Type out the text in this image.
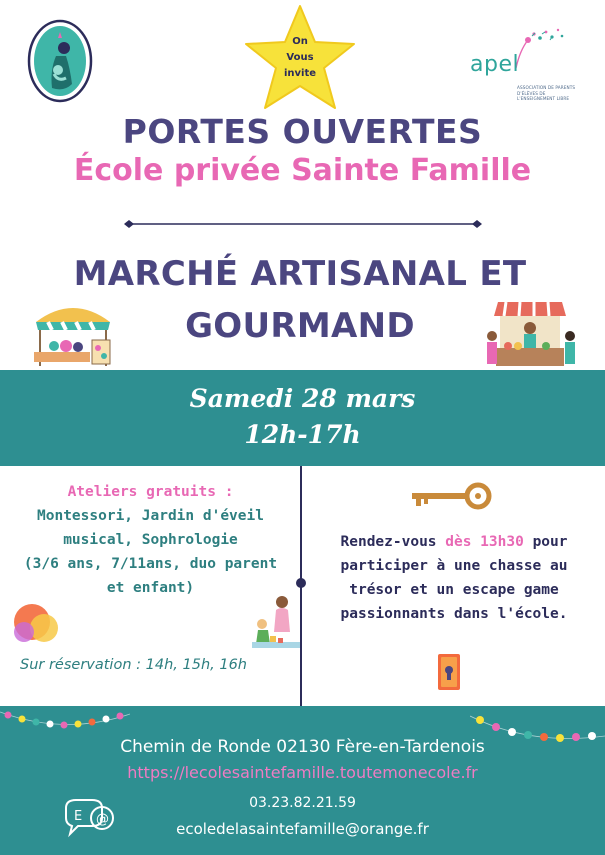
On
Vous
invite	apel
ASSOCIATION DE PARENTS D'ÉLÈVES DE L'ENSEIGNEMENT LIBRE
PORTES OUVERTES
École privée Sainte Famille
MARCHÉ ARTISANAL ET
GOURMAND
Samedi 28 mars
12h-17h
Ateliers gratuits :
Montessori, Jardin d'éveil
musical, Sophrologie
(3/6 ans, 7/11ans, duo parent
et enfant)
Sur réservation : 14h, 15h, 16h
Rendez-vous dès 13h30 pour
participer à une chasse au
trésor et un escape game
passionnants dans l'école.
Chemin de Ronde 02130 Fère-en-Tardenois
https://lecolesaintefamille.toutemonecole.fr
E @
03.23.82.21.59
ecoledelasaintefamille@orange.fr
